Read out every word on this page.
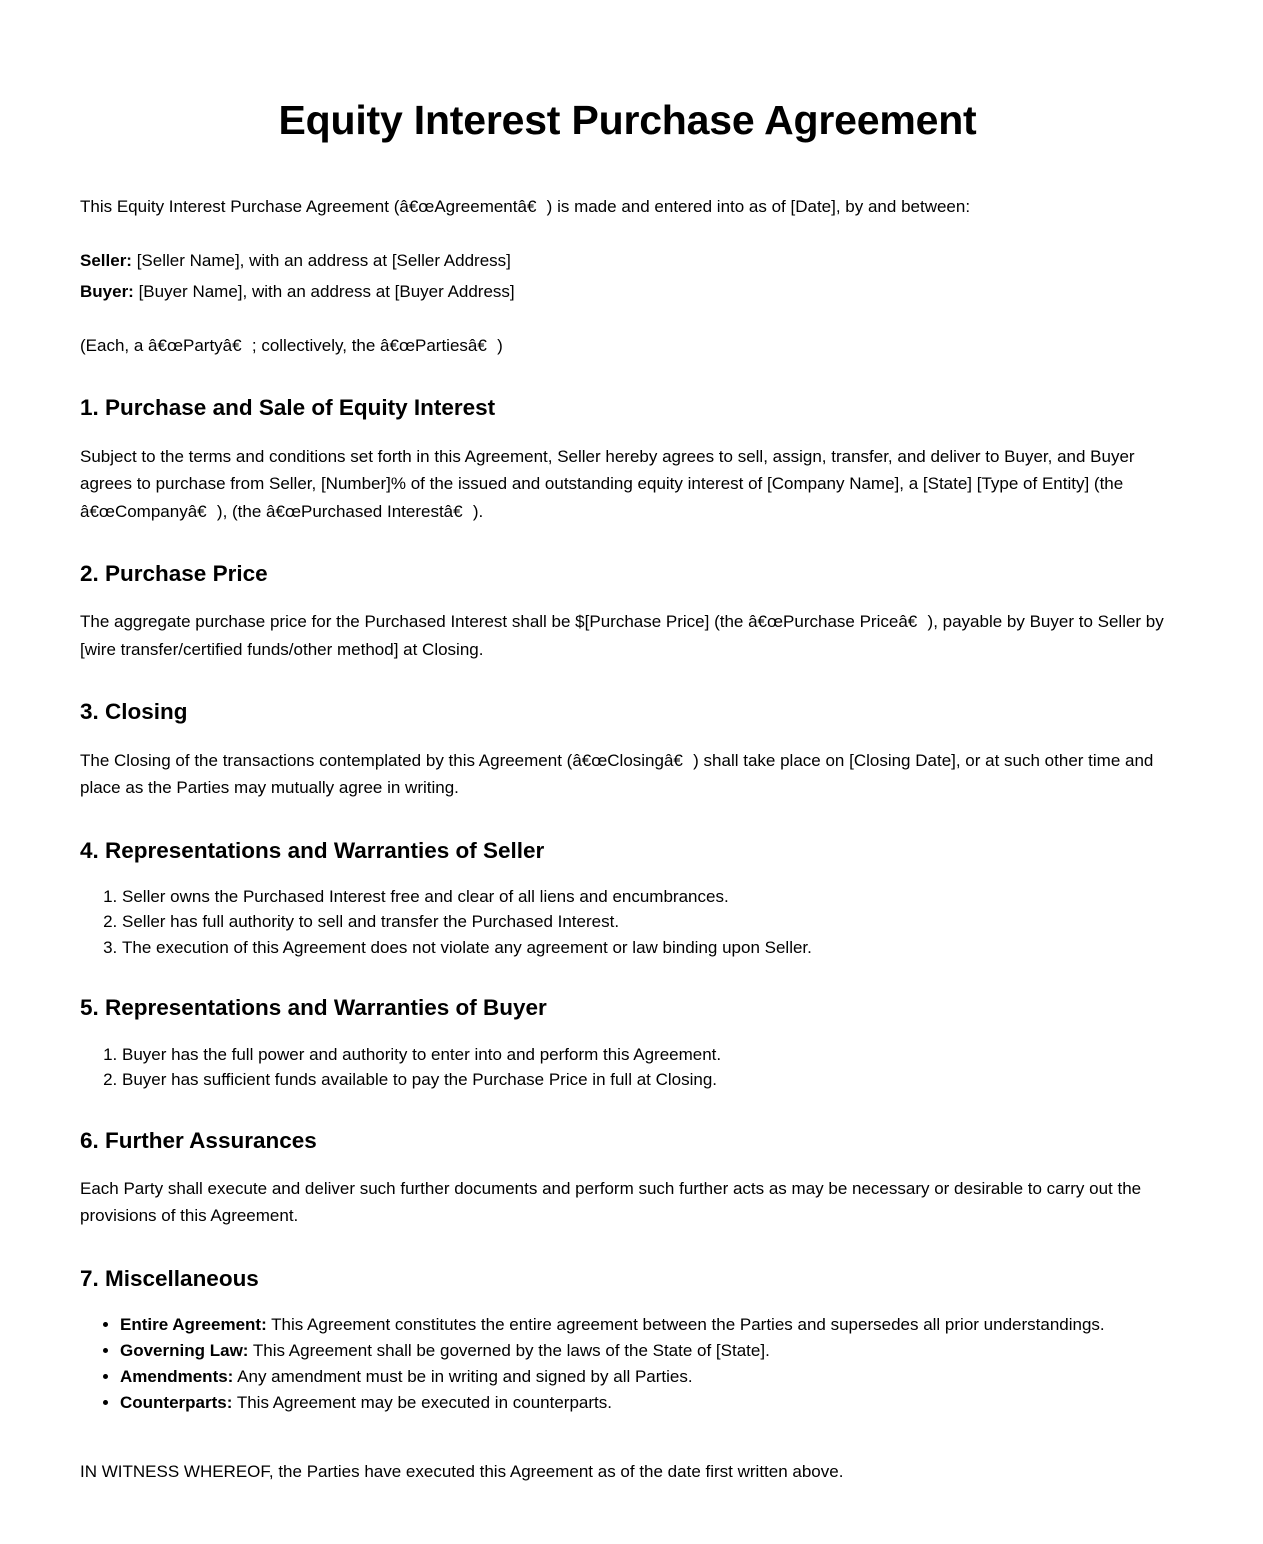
Equity Interest Purchase Agreement

This Equity Interest Purchase Agreement (â€œAgreementâ€) is made and entered into as of [Date], by and between:

Seller: [Seller Name], with an address at [Seller Address]

Buyer: [Buyer Name], with an address at [Buyer Address]

(Each, a â€œPartyâ€; collectively, the â€œPartiesâ€)

1. Purchase and Sale of Equity Interest

Subject to the terms and conditions set forth in this Agreement, Seller hereby agrees to sell, assign, transfer, and deliver to Buyer, and Buyer agrees to purchase from Seller, [Number]% of the issued and outstanding equity interest of [Company Name], a [State] [Type of Entity] (the â€œCompanyâ€), (the â€œPurchased Interestâ€).

2. Purchase Price

The aggregate purchase price for the Purchased Interest shall be $[Purchase Price] (the â€œPurchase Priceâ€), payable by Buyer to Seller by [wire transfer/certified funds/other method] at Closing.

3. Closing

The Closing of the transactions contemplated by this Agreement (â€œClosingâ€) shall take place on [Closing Date], or at such other time and place as the Parties may mutually agree in writing.

4. Representations and Warranties of Seller
1. Seller owns the Purchased Interest free and clear of all liens and encumbrances.
2. Seller has full authority to sell and transfer the Purchased Interest.
3. The execution of this Agreement does not violate any agreement or law binding upon Seller.
5. Representations and Warranties of Buyer
1. Buyer has the full power and authority to enter into and perform this Agreement.
2. Buyer has sufficient funds available to pay the Purchase Price in full at Closing.
6. Further Assurances

Each Party shall execute and deliver such further documents and perform such further acts as may be necessary or desirable to carry out the provisions of this Agreement.

7. Miscellaneous
• Entire Agreement: This Agreement constitutes the entire agreement between the Parties and supersedes all prior understandings.
• Governing Law: This Agreement shall be governed by the laws of the State of [State].
• Amendments: Any amendment must be in writing and signed by all Parties.
• Counterparts: This Agreement may be executed in counterparts.

IN WITNESS WHEREOF, the Parties have executed this Agreement as of the date first written above.
